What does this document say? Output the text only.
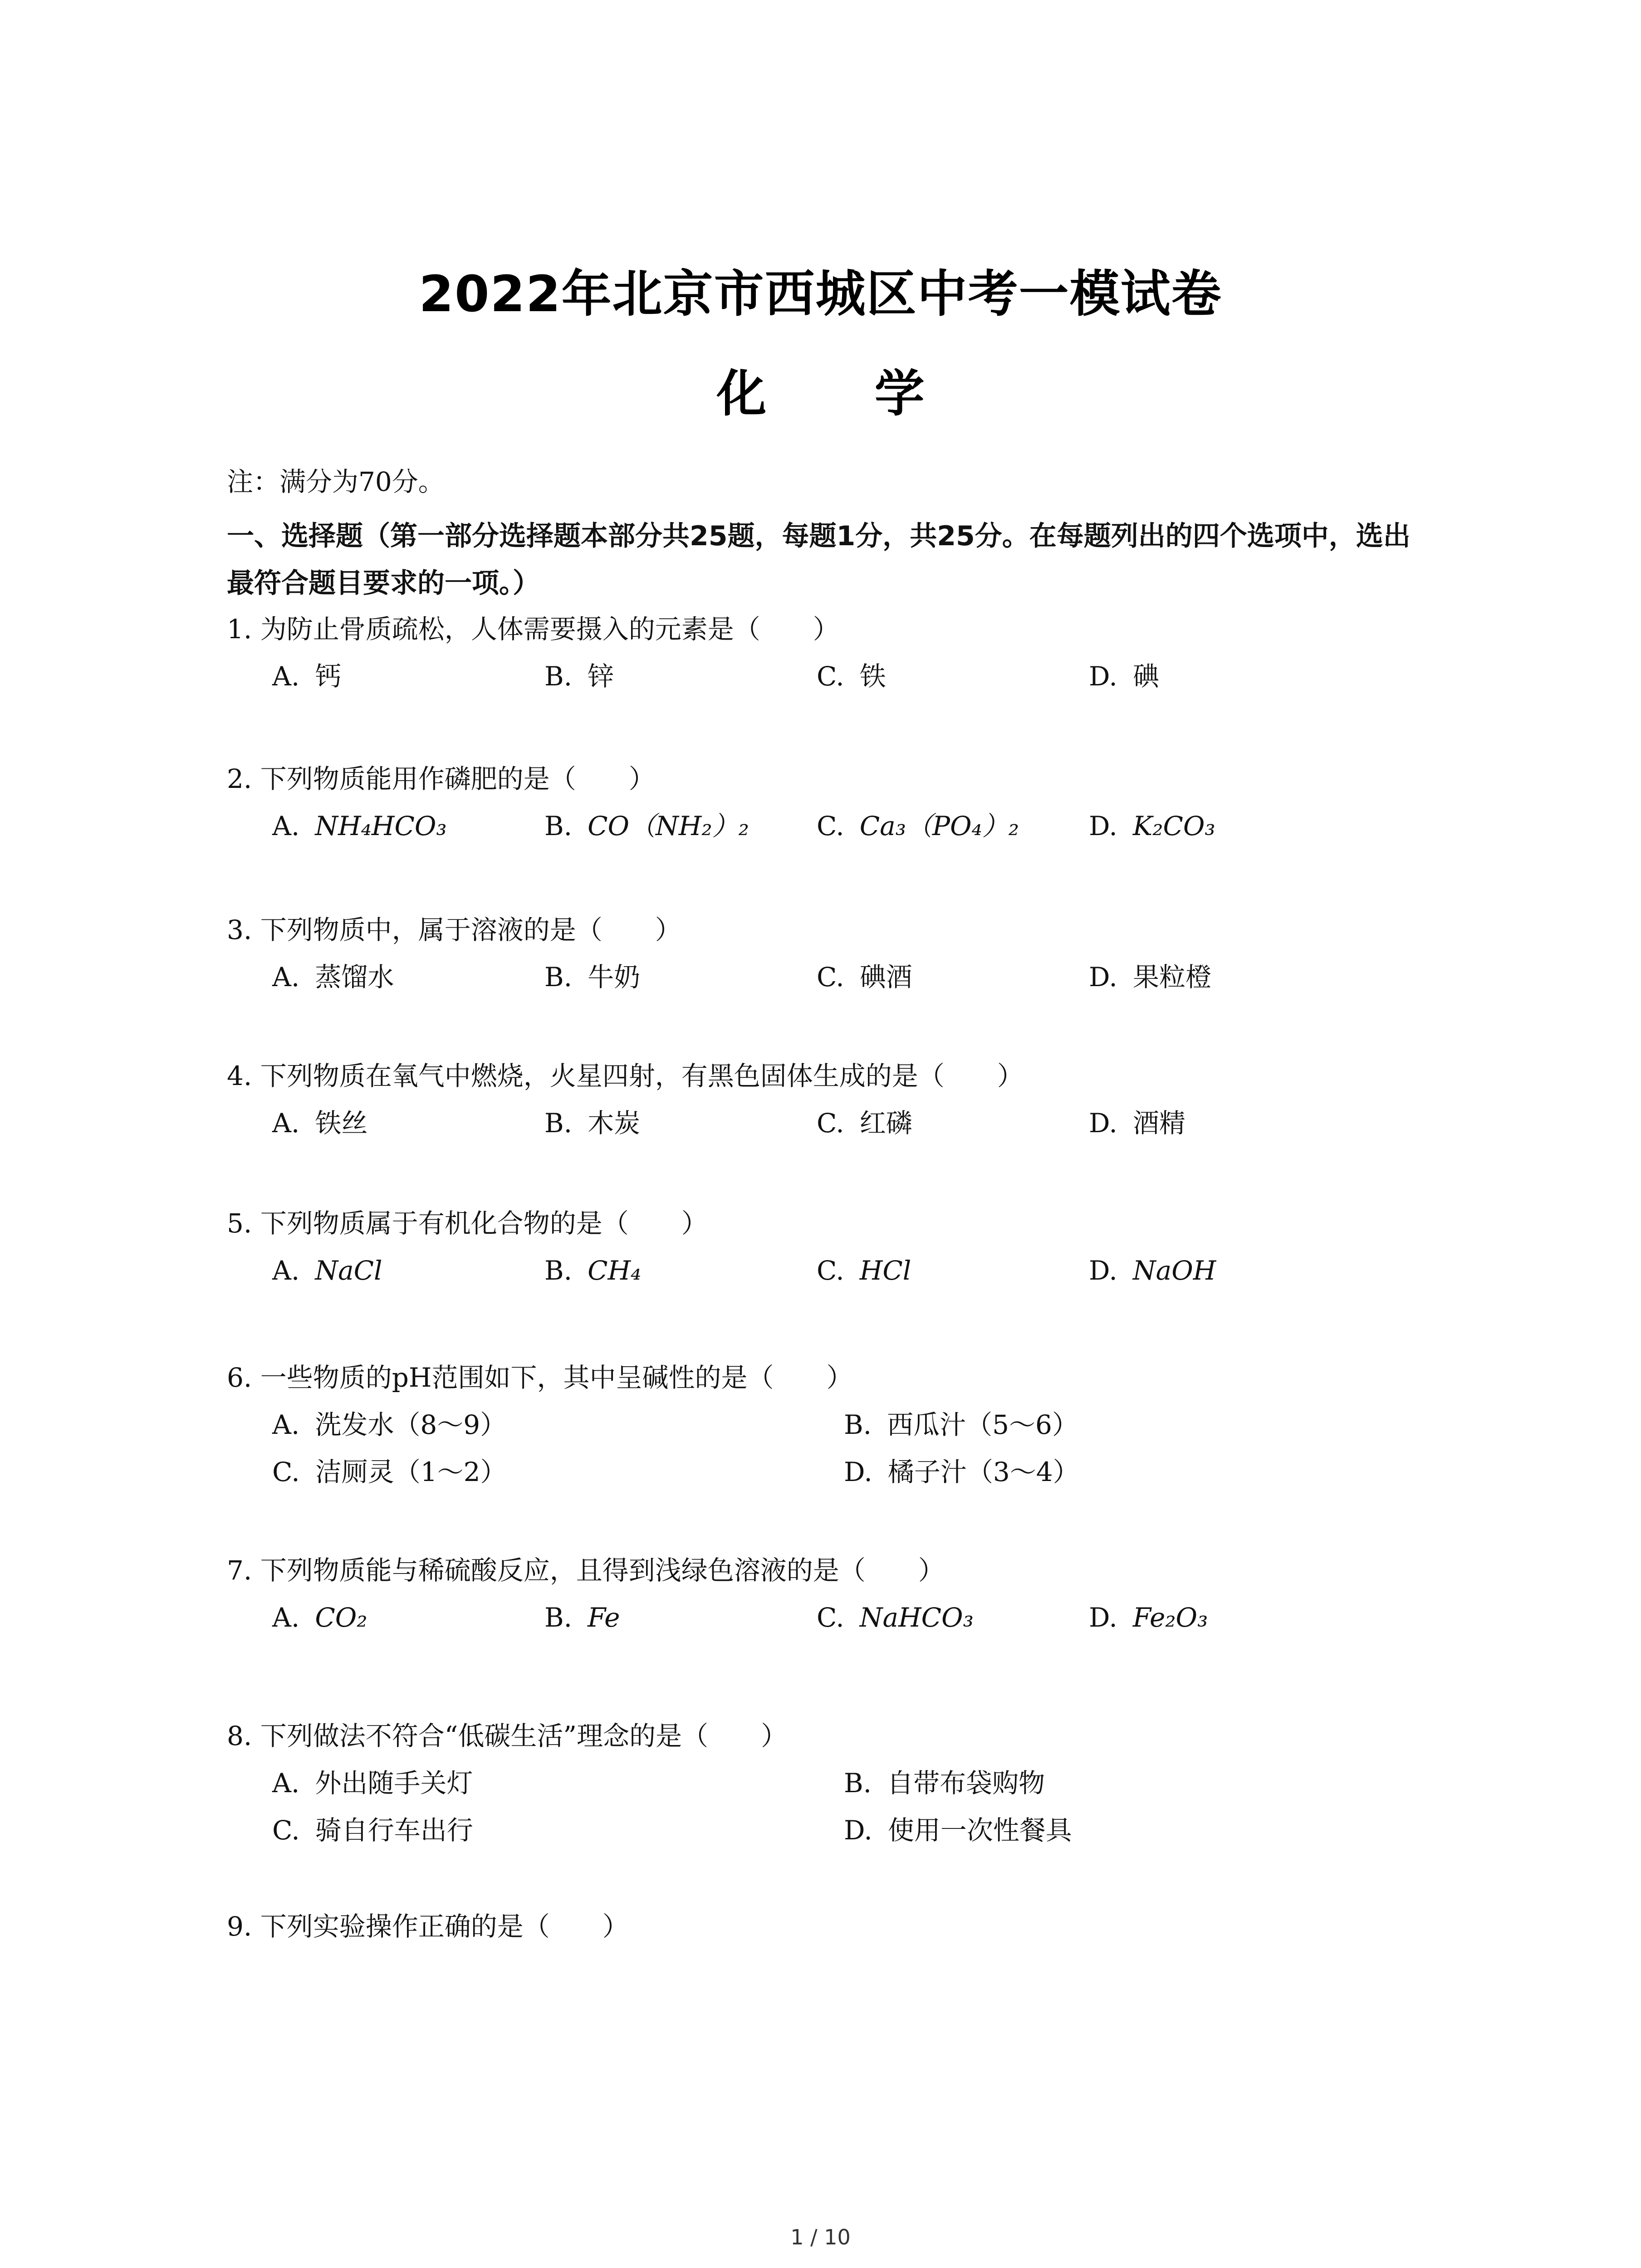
2022年北京市西城区中考一模试卷
化 学
注：满分为70分。
一、选择题（第一部分选择题本部分共25题，每题1分，共25分。在每题列出的四个选项中，选出最符合题目要求的一项。）
1. 为防止骨质疏松，人体需要摄入的元素是（　　）
A. 钙	B. 锌	C. 铁	D. 碘
2. 下列物质能用作磷肥的是（　　）
A. NH₄HCO₃	B. CO（NH₂）₂	C. Ca₃（PO₄）₂	D. K₂CO₃
3. 下列物质中，属于溶液的是（　　）
A. 蒸馏水	B. 牛奶	C. 碘酒	D. 果粒橙
4. 下列物质在氧气中燃烧，火星四射，有黑色固体生成的是（　　）
A. 铁丝	B. 木炭	C. 红磷	D. 酒精
5. 下列物质属于有机化合物的是（　　）
A. NaCl	B. CH₄	C. HCl	D. NaOH
6. 一些物质的pH范围如下，其中呈碱性的是（　　）
A. 洗发水（8～9）	B. 西瓜汁（5～6）
C. 洁厕灵（1～2）	D. 橘子汁（3～4）
7. 下列物质能与稀硫酸反应，且得到浅绿色溶液的是（　　）
A. CO₂	B. Fe	C. NaHCO₃	D. Fe₂O₃
8. 下列做法不符合“低碳生活”理念的是（　　）
A. 外出随手关灯	B. 自带布袋购物
C. 骑自行车出行	D. 使用一次性餐具
9. 下列实验操作正确的是（　　）
1 / 10
